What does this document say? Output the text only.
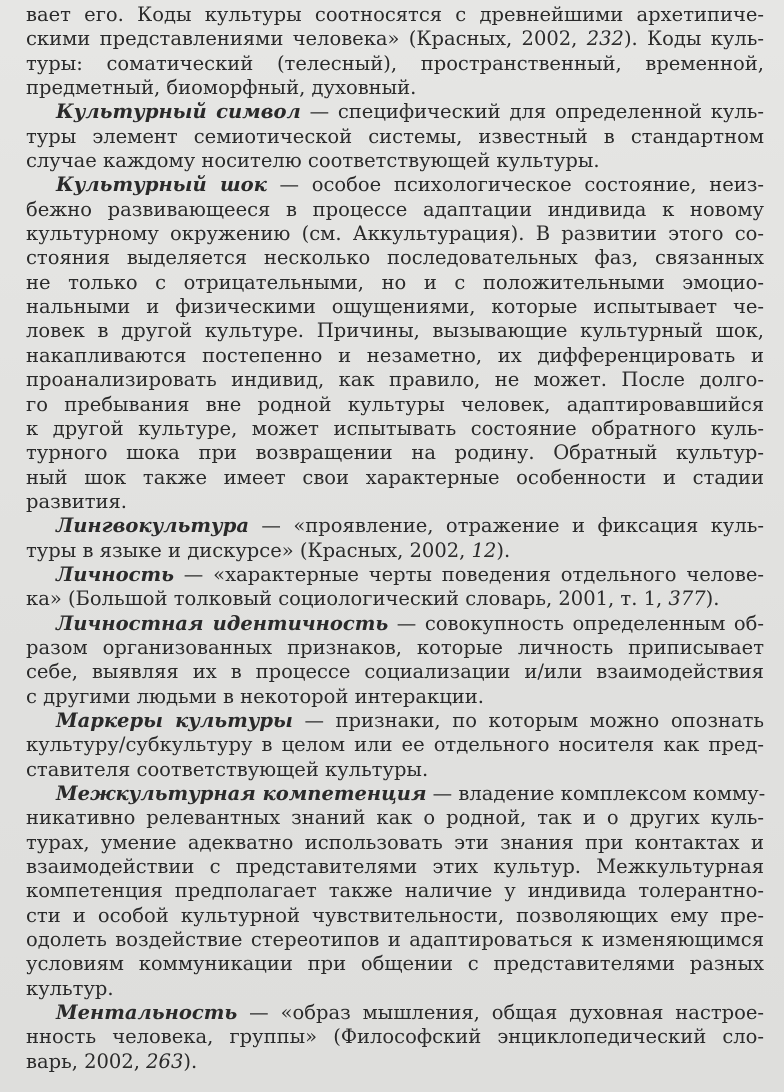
вает его. Коды культуры соотносятся с древнейшими архетипиче-
скими представлениями человека» (Красных, 2002, 232). Коды куль-
туры: соматический (телесный), пространственный, временной,
предметный, биоморфный, духовный.
Культурный символ — специфический для определенной куль-
туры элемент семиотической системы, известный в стандартном
случае каждому носителю соответствующей культуры.
Культурный шок — особое психологическое состояние, неиз-
бежно развивающееся в процессе адаптации индивида к новому
культурному окружению (см. Аккультурация). В развитии этого со-
стояния выделяется несколько последовательных фаз, связанных
не только с отрицательными, но и с положительными эмоцио-
нальными и физическими ощущениями, которые испытывает че-
ловек в другой культуре. Причины, вызывающие культурный шок,
накапливаются постепенно и незаметно, их дифференцировать и
проанализировать индивид, как правило, не может. После долго-
го пребывания вне родной культуры человек, адаптировавшийся
к другой культуре, может испытывать состояние обратного куль-
турного шока при возвращении на родину. Обратный культур-
ный шок также имеет свои характерные особенности и стадии
развития.
Лингвокультура — «проявление, отражение и фиксация куль-
туры в языке и дискурсе» (Красных, 2002, 12).
Личность — «характерные черты поведения отдельного челове-
ка» (Большой толковый социологический словарь, 2001, т. 1, 377).
Личностная идентичность — совокупность определенным об-
разом организованных признаков, которые личность приписывает
себе, выявляя их в процессе социализации и/или взаимодействия
с другими людьми в некоторой интеракции.
Маркеры культуры — признаки, по которым можно опознать
культуру/субкультуру в целом или ее отдельного носителя как пред-
ставителя соответствующей культуры.
Межкультурная компетенция — владение комплексом комму-
никативно релевантных знаний как о родной, так и о других куль-
турах, умение адекватно использовать эти знания при контактах и
взаимодействии с представителями этих культур. Межкультурная
компетенция предполагает также наличие у индивида толерантно-
сти и особой культурной чувствительности, позволяющих ему пре-
одолеть воздействие стереотипов и адаптироваться к изменяющимся
условиям коммуникации при общении с представителями разных
культур.
Ментальность — «образ мышления, общая духовная настрое-
нность человека, группы» (Философский энциклопедический сло-
варь, 2002, 263).
